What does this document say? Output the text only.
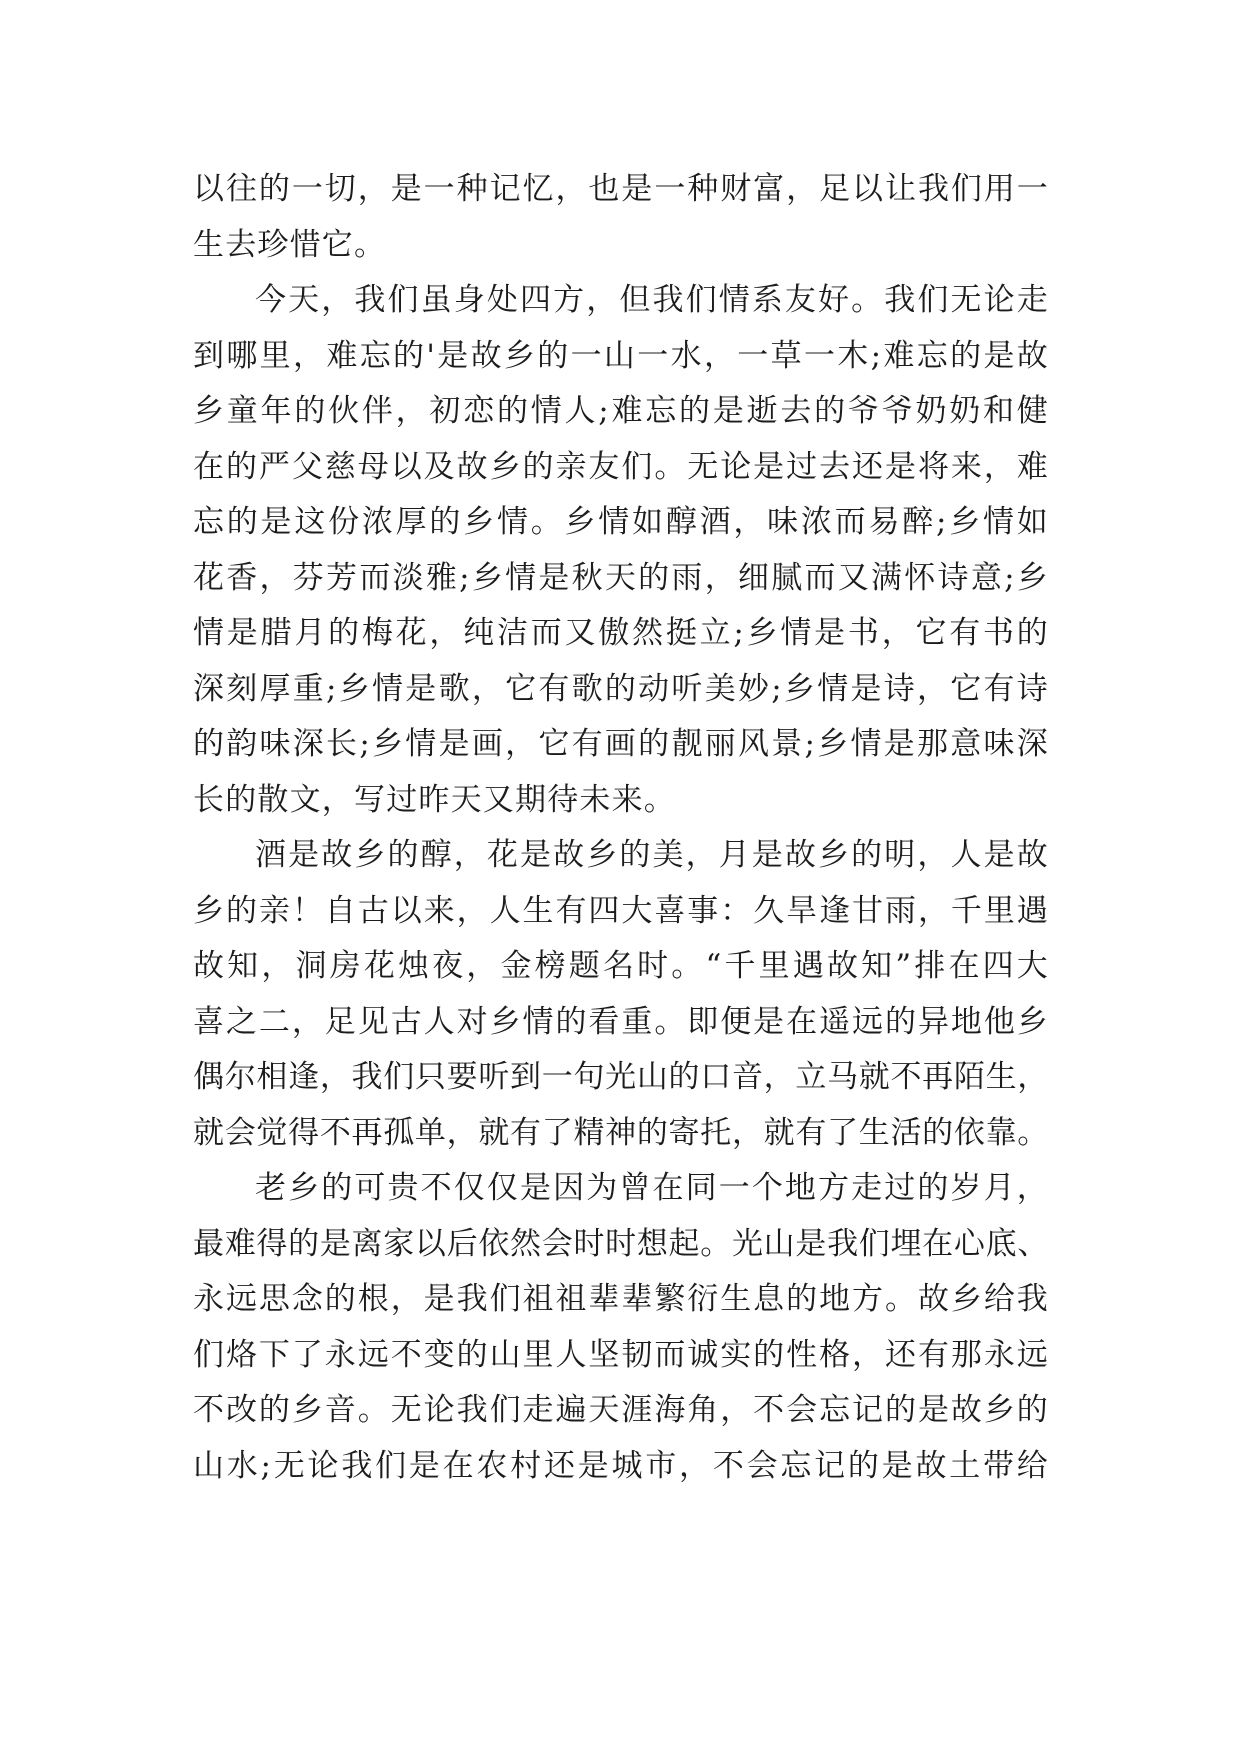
以往的一切，是一种记忆，也是一种财富，足以让我们用一
生去珍惜它。
今天，我们虽身处四方，但我们情系友好。我们无论走
到哪里，难忘的'是故乡的一山一水，一草一木;难忘的是故
乡童年的伙伴，初恋的情人;难忘的是逝去的爷爷奶奶和健
在的严父慈母以及故乡的亲友们。无论是过去还是将来，难
忘的是这份浓厚的乡情。乡情如醇酒，味浓而易醉;乡情如
花香，芬芳而淡雅;乡情是秋天的雨，细腻而又满怀诗意;乡
情是腊月的梅花，纯洁而又傲然挺立;乡情是书，它有书的
深刻厚重;乡情是歌，它有歌的动听美妙;乡情是诗，它有诗
的韵味深长;乡情是画，它有画的靓丽风景;乡情是那意味深
长的散文，写过昨天又期待未来。
酒是故乡的醇，花是故乡的美，月是故乡的明，人是故
乡的亲！自古以来，人生有四大喜事：久旱逢甘雨，千里遇
故知，洞房花烛夜，金榜题名时。“千里遇故知”排在四大
喜之二，足见古人对乡情的看重。即便是在遥远的异地他乡
偶尔相逢，我们只要听到一句光山的口音，立马就不再陌生，
就会觉得不再孤单，就有了精神的寄托，就有了生活的依靠。
老乡的可贵不仅仅是因为曾在同一个地方走过的岁月，
最难得的是离家以后依然会时时想起。光山是我们埋在心底、
永远思念的根，是我们祖祖辈辈繁衍生息的地方。故乡给我
们烙下了永远不变的山里人坚韧而诚实的性格，还有那永远
不改的乡音。无论我们走遍天涯海角，不会忘记的是故乡的
山水;无论我们是在农村还是城市，不会忘记的是故土带给
